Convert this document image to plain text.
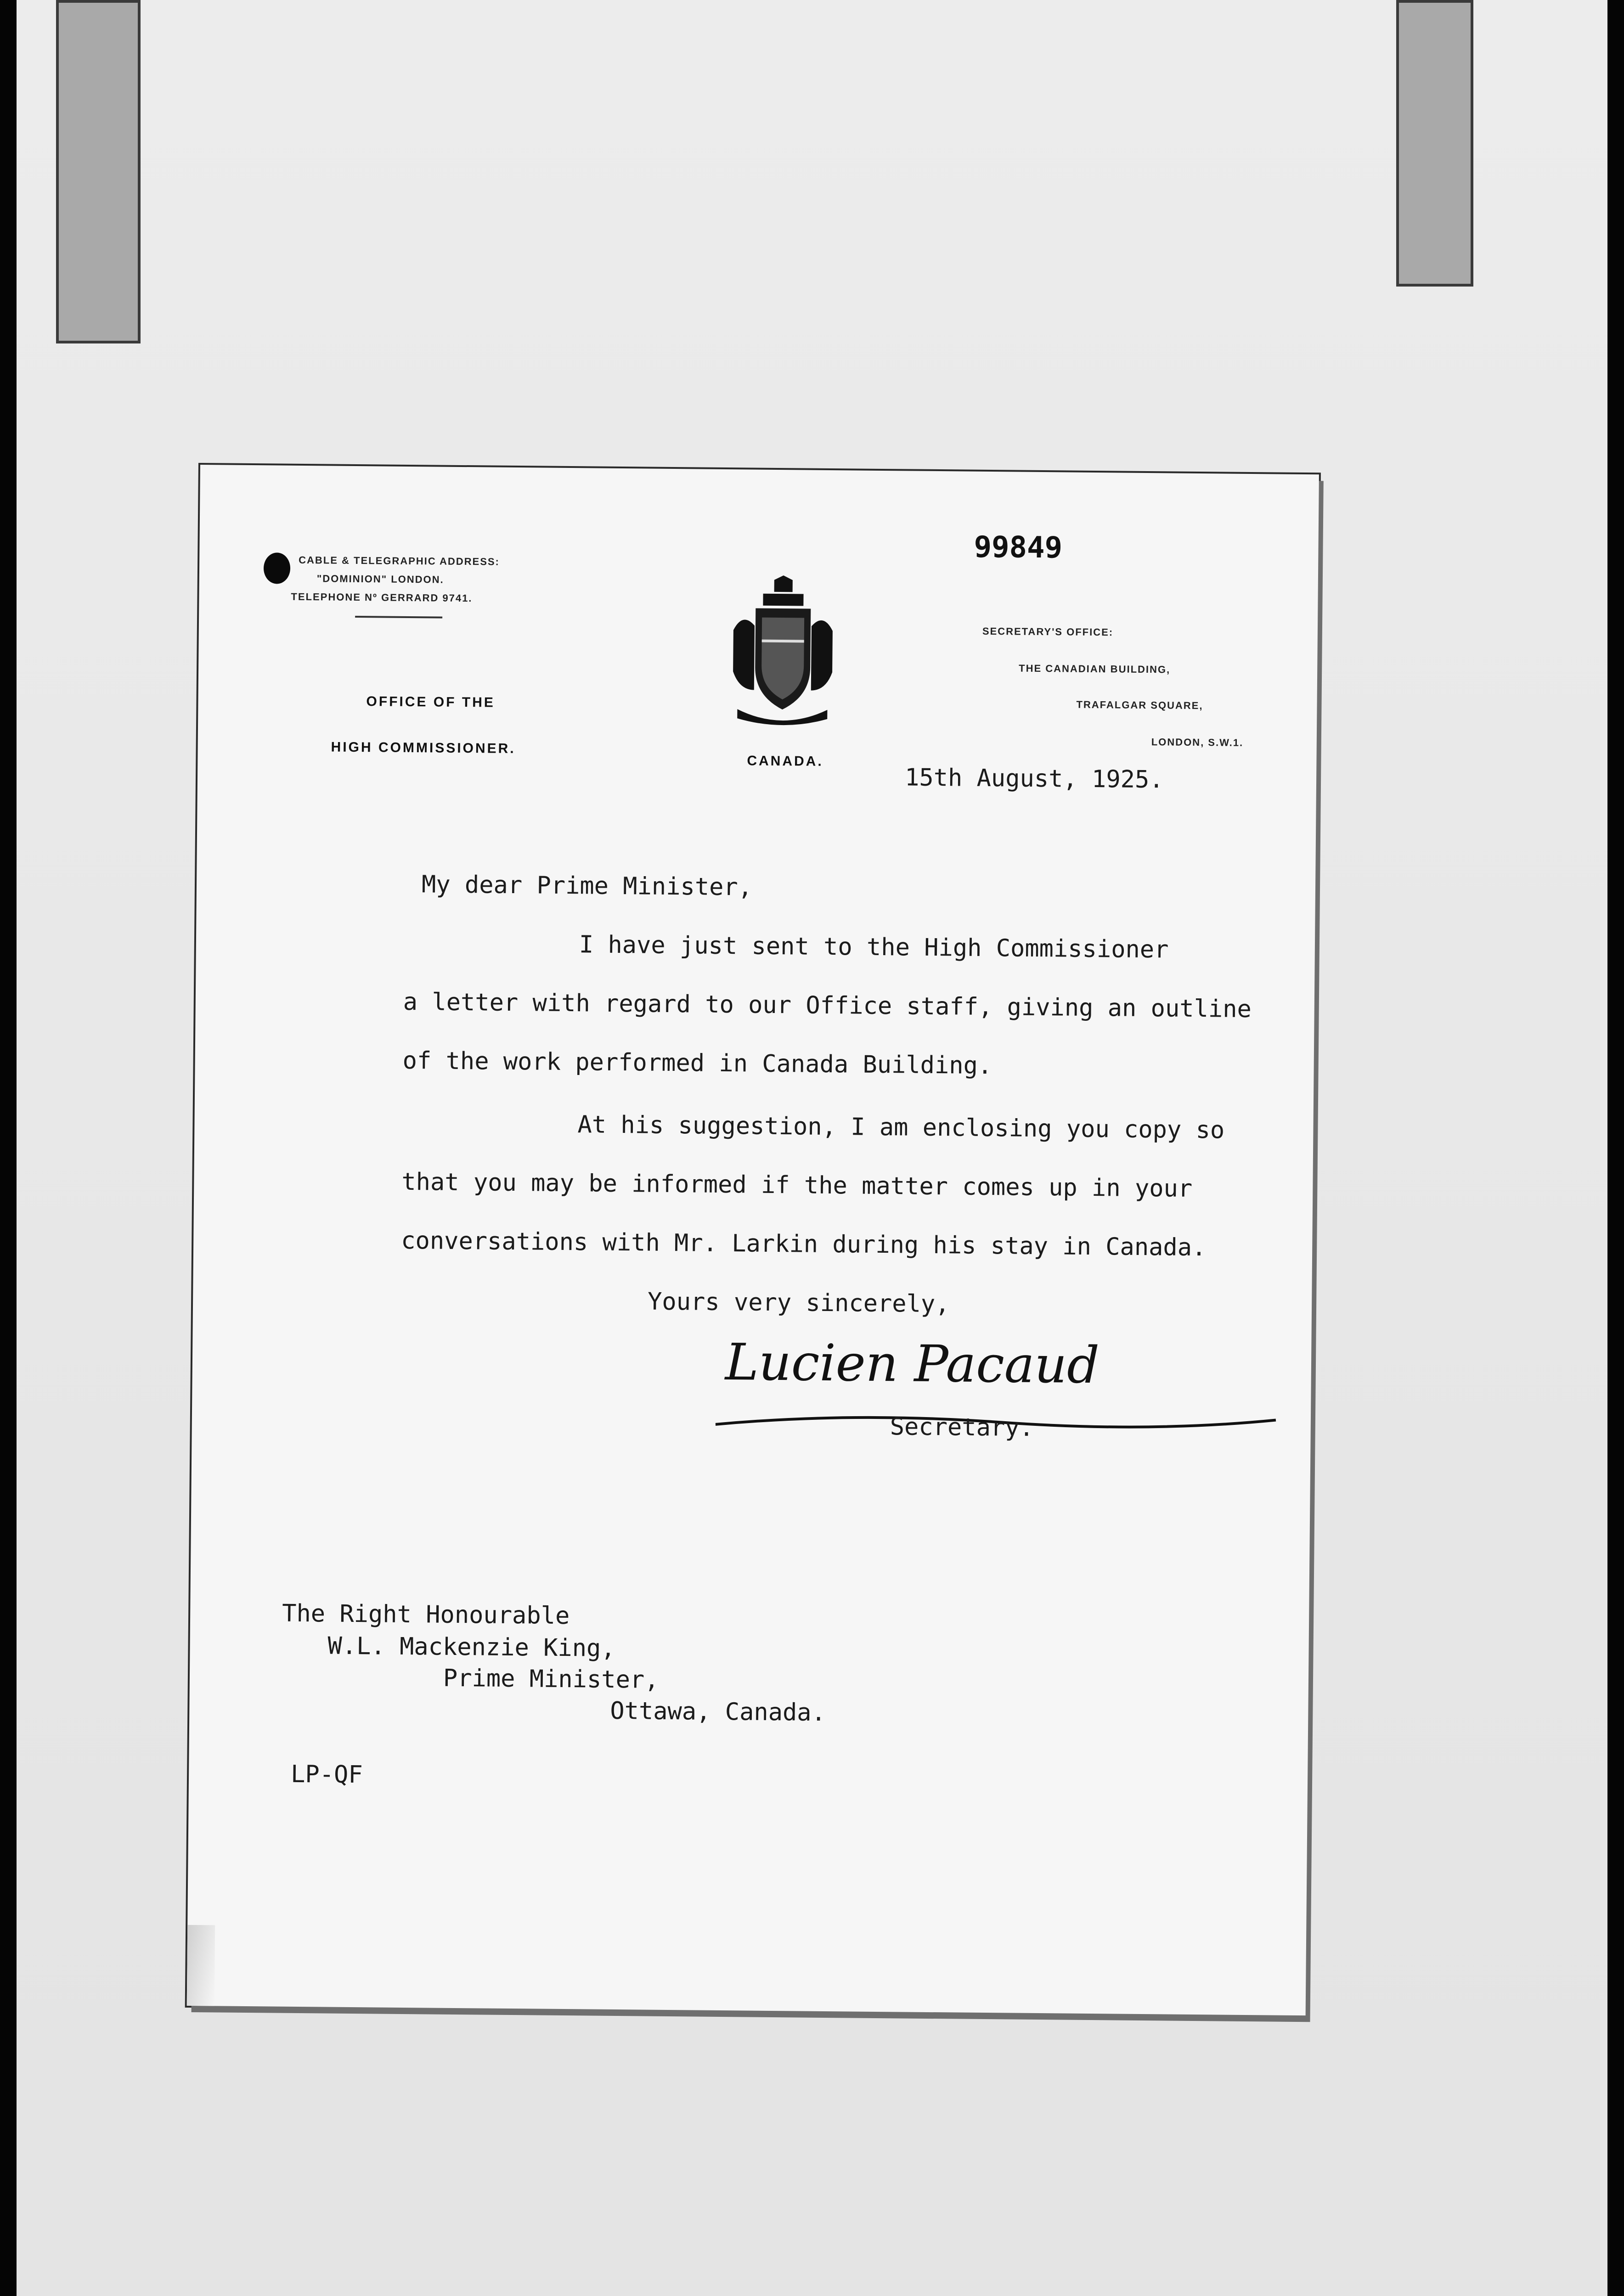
99849
CABLE & TELEGRAPHIC ADDRESS:
"DOMINION" LONDON.
TELEPHONE Nº GERRARD 9741.
OFFICE OF THE
HIGH COMMISSIONER.
CANADA.
SECRETARY'S OFFICE:
THE CANADIAN BUILDING,
TRAFALGAR SQUARE,
LONDON, S.W.1.
15th August, 1925.
My dear Prime Minister,
I have just sent to the High Commissioner
a letter with regard to our Office staff, giving an outline
of the work performed in Canada Building.
At his suggestion, I am enclosing you copy so
that you may be informed if the matter comes up in your
conversations with Mr. Larkin during his stay in Canada.
Yours very sincerely,
Lucien Pacaud
Secretary.
The Right Honourable
W.L. Mackenzie King,
Prime Minister,
Ottawa, Canada.
LP-QF
